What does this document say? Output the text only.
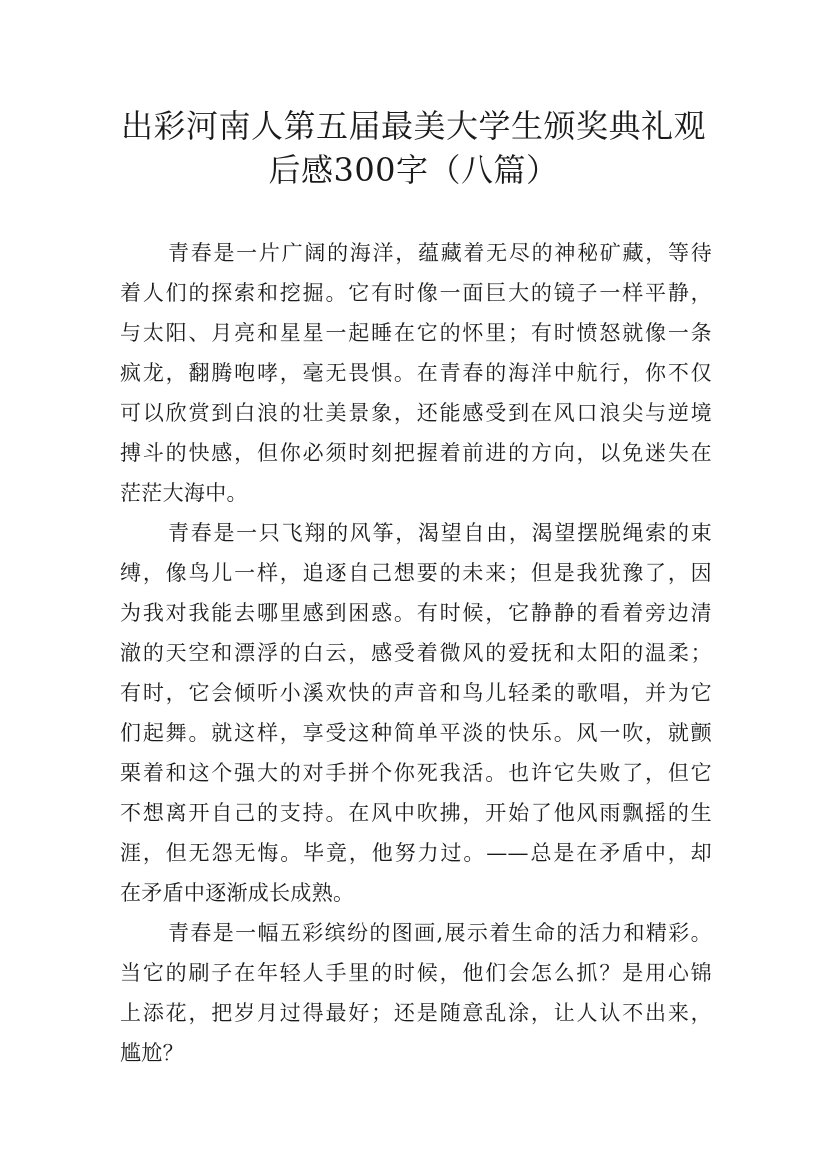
出彩河南人第五届最美大学生颁奖典礼观
后感300字（八篇）
青春是一片广阔的海洋，蕴藏着无尽的神秘矿藏，等待
着人们的探索和挖掘。它有时像一面巨大的镜子一样平静，
与太阳、月亮和星星一起睡在它的怀里；有时愤怒就像一条
疯龙，翻腾咆哮，毫无畏惧。在青春的海洋中航行，你不仅
可以欣赏到白浪的壮美景象，还能感受到在风口浪尖与逆境
搏斗的快感，但你必须时刻把握着前进的方向，以免迷失在
茫茫大海中。
青春是一只飞翔的风筝，渴望自由，渴望摆脱绳索的束
缚，像鸟儿一样，追逐自己想要的未来；但是我犹豫了，因
为我对我能去哪里感到困惑。有时候，它静静的看着旁边清
澈的天空和漂浮的白云，感受着微风的爱抚和太阳的温柔；
有时，它会倾听小溪欢快的声音和鸟儿轻柔的歌唱，并为它
们起舞。就这样，享受这种简单平淡的快乐。风一吹，就颤
栗着和这个强大的对手拼个你死我活。也许它失败了，但它
不想离开自己的支持。在风中吹拂，开始了他风雨飘摇的生
涯，但无怨无悔。毕竟，他努力过。——总是在矛盾中，却
在矛盾中逐渐成长成熟。
青春是一幅五彩缤纷的图画,展示着生命的活力和精彩。
当它的刷子在年轻人手里的时候，他们会怎么抓？是用心锦
上添花，把岁月过得最好；还是随意乱涂，让人认不出来，
尴尬？
